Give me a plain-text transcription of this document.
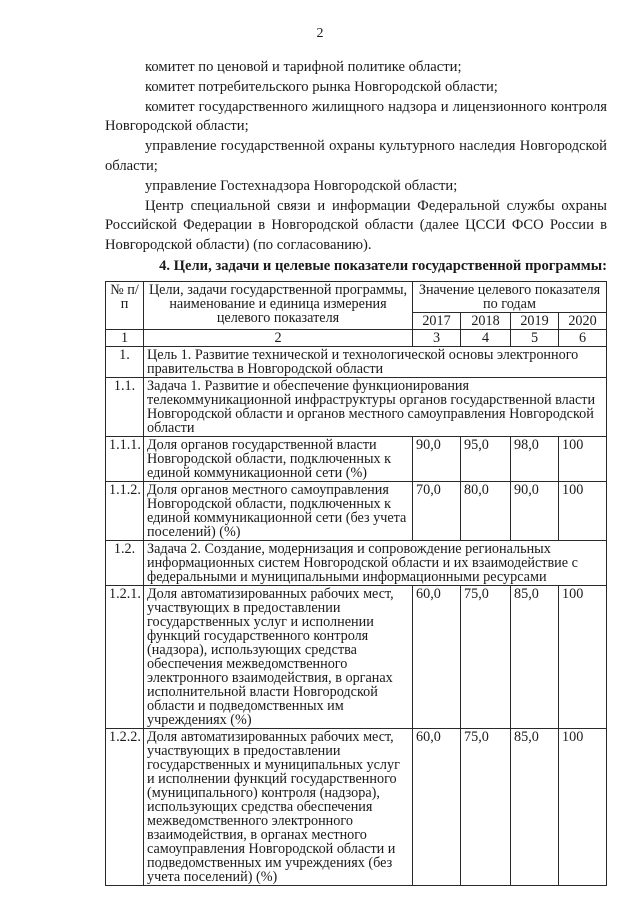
2

комитет по ценовой и тарифной политике области;

комитет потребительского рынка Новгородской области;

комитет государственного жилищного надзора и лицензионного контроля Новгородской области;

управление государственной охраны культурного наследия Новгородской области;

управление Гостехнадзора Новгородской области;

Центр специальной связи и информации Федеральной службы охраны Российской Федерации в Новгородской области (далее ЦССИ ФСО России в Новгородской области) (по согласованию).

4. Цели, задачи и целевые показатели государственной программы:
№ п/п	Цели, задачи государственной программы, наименование и единица измерения целевого показателя	Значение целевого показателя по годам			
		2017	2018	2019	2020
1	2	3	4	5	6
1.	Цель 1. Развитие технической и технологической основы электронного правительства в Новгородской области				
1.1.	Задача 1. Развитие и обеспечение функционирования телекоммуникационной инфраструктуры органов государственной власти Новгородской области и органов местного самоуправления Новгородской области				
1.1.1.	Доля органов государственной власти Новгородской области, подключенных к единой коммуникационной сети (%)	90,0	95,0	98,0	100
1.1.2.	Доля органов местного самоуправления Новгородской области, подключенных к единой коммуникационной сети (без учета поселений) (%)	70,0	80,0	90,0	100
1.2.	Задача 2. Создание, модернизация и сопровождение региональных информационных систем Новгородской области и их взаимодействие с федеральными и муниципальными информационными ресурсами				
1.2.1.	Доля автоматизированных рабочих мест, участвующих в предоставлении государственных услуг и исполнении функций государственного контроля (надзора), использующих средства обеспечения межведомственного электронного взаимодействия, в органах исполнительной власти Новгородской области и подведомственных им учреждениях (%)	60,0	75,0	85,0	100
1.2.2.	Доля автоматизированных рабочих мест, участвующих в предоставлении государственных и муниципальных услуг и исполнении функций государственного (муниципального) контроля (надзора), использующих средства обеспечения межведомственного электронного взаимодействия, в органах местного самоуправления Новгородской области и подведомственных им учреждениях (без учета поселений) (%)	60,0	75,0	85,0	100
